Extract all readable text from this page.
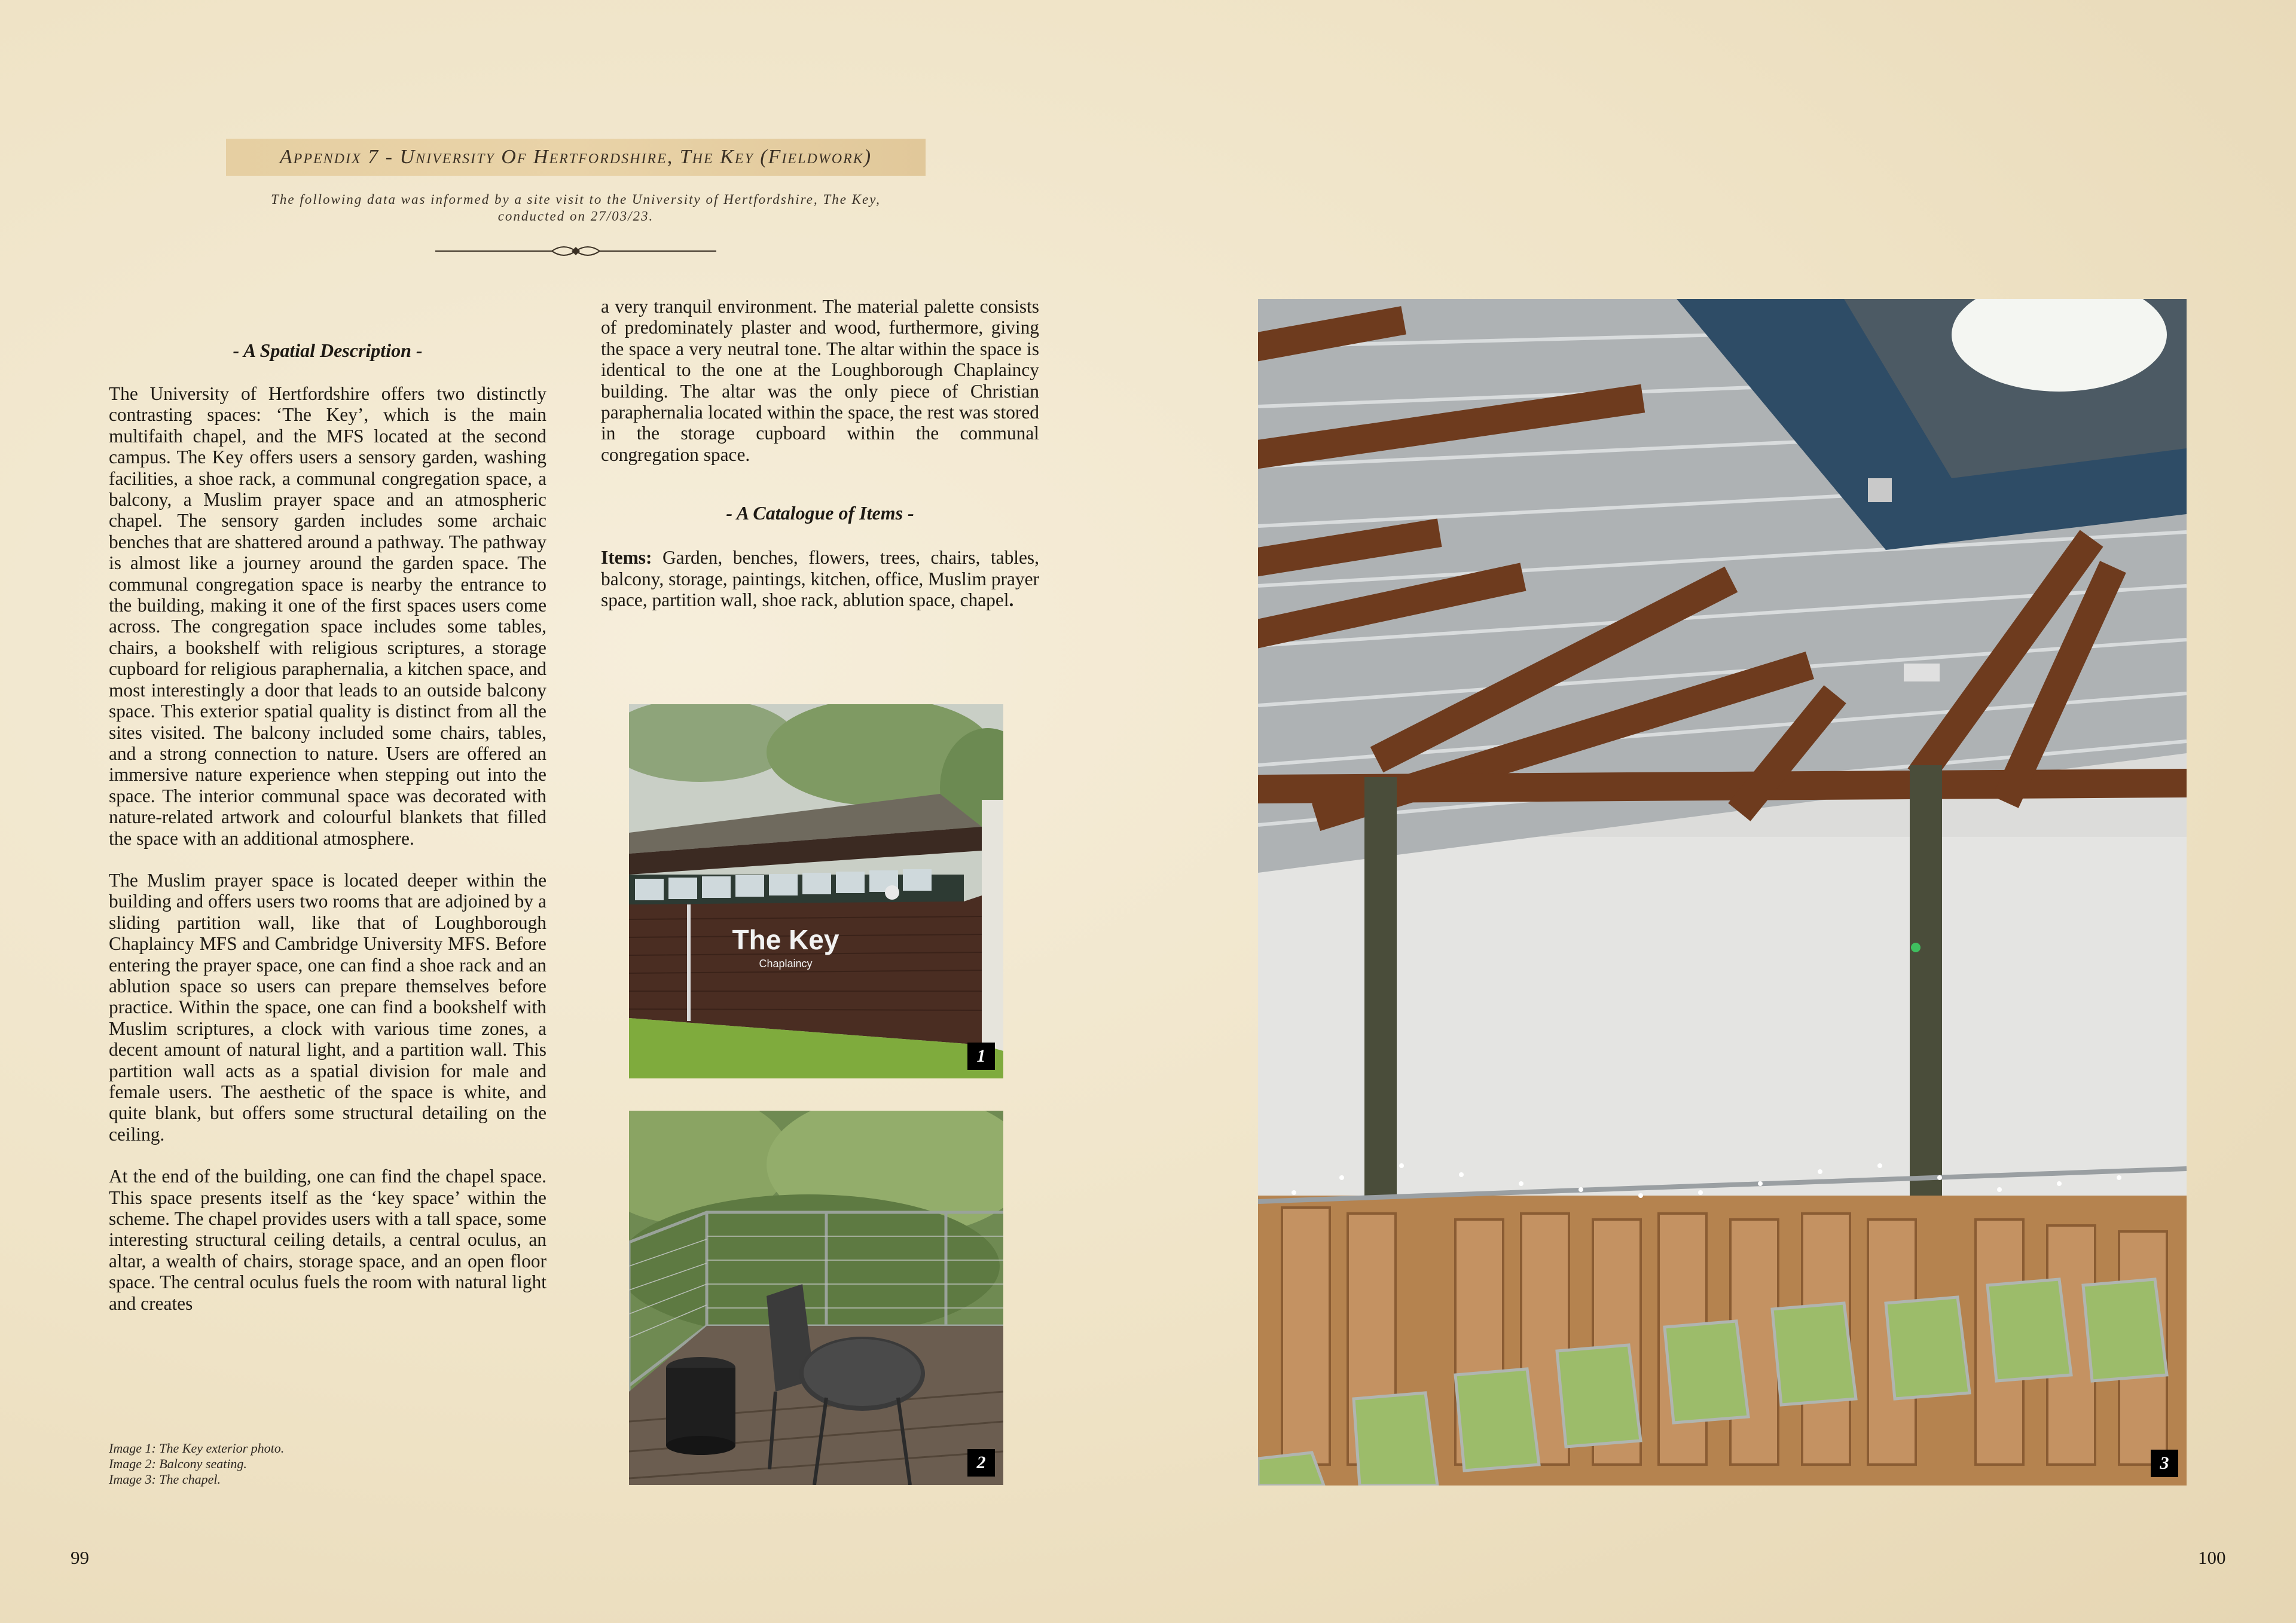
Appendix 7 - University Of Hertfordshire, The Key (Fieldwork)
The following data was informed by a site visit to the University of Hertfordshire, The Key,
conducted on 27/03/23.
- A Spatial Description -

The University of Hertfordshire offers two distinctly contrasting spaces: ‘The Key’, which is the main multifaith chapel, and the MFS located at the second campus. The Key offers users a sensory garden, washing facilities, a shoe rack, a communal congregation space, a balcony, a Muslim prayer space and an atmospheric chapel. The sensory garden includes some archaic benches that are shattered around a pathway. The pathway is almost like a journey around the garden space. The communal congregation space is nearby the entrance to the building, making it one of the first spaces users come across. The congregation space includes some tables, chairs, a bookshelf with religious scriptures, a storage cupboard for religious paraphernalia, a kitchen space, and most interestingly a door that leads to an outside balcony space. This exterior spatial quality is distinct from all the sites visited. The balcony included some chairs, tables, and a strong connection to nature. Users are offered an immersive nature experience when stepping out into the space. The interior communal space was decorated with nature-related artwork and colourful blankets that filled the space with an additional atmosphere.

The Muslim prayer space is located deeper within the building and offers users two rooms that are adjoined by a sliding partition wall, like that of Loughborough Chaplaincy MFS and Cambridge University MFS. Before entering the prayer space, one can find a shoe rack and an ablution space so users can prepare themselves before practice. Within the space, one can find a bookshelf with Muslim scriptures, a clock with various time zones, a decent amount of natural light, and a partition wall. This partition wall acts as a spatial division for male and female users. The aesthetic of the space is white, and quite blank, but offers some structural detailing on the ceiling.

At the end of the building, one can find the chapel space. This space presents itself as the ‘key space’ within the scheme. The chapel provides users with a tall space, some interesting structural ceiling details, a central oculus, an altar, a wealth of chairs, storage space, and an open floor space. The central oculus fuels the room with natural light and creates

a very tranquil environment. The material palette consists of predominately plaster and wood, furthermore, giving the space a very neutral tone. The altar within the space is identical to the one at the Loughborough Chaplaincy building. The altar was the only piece of Christian paraphernalia located within the space, the rest was stored in the storage cupboard within the communal congregation space.

- A Catalogue of Items -

Items: Garden, benches, flowers, trees, chairs, tables, balcony, storage, paintings, kitchen, office, Muslim prayer space, partition wall, shoe rack, ablution space, chapel.

The Key
Chaplaincy
1
2	3
Image 1: The Key exterior photo.
Image 2: Balcony seating.
Image 3: The chapel.
99	100
